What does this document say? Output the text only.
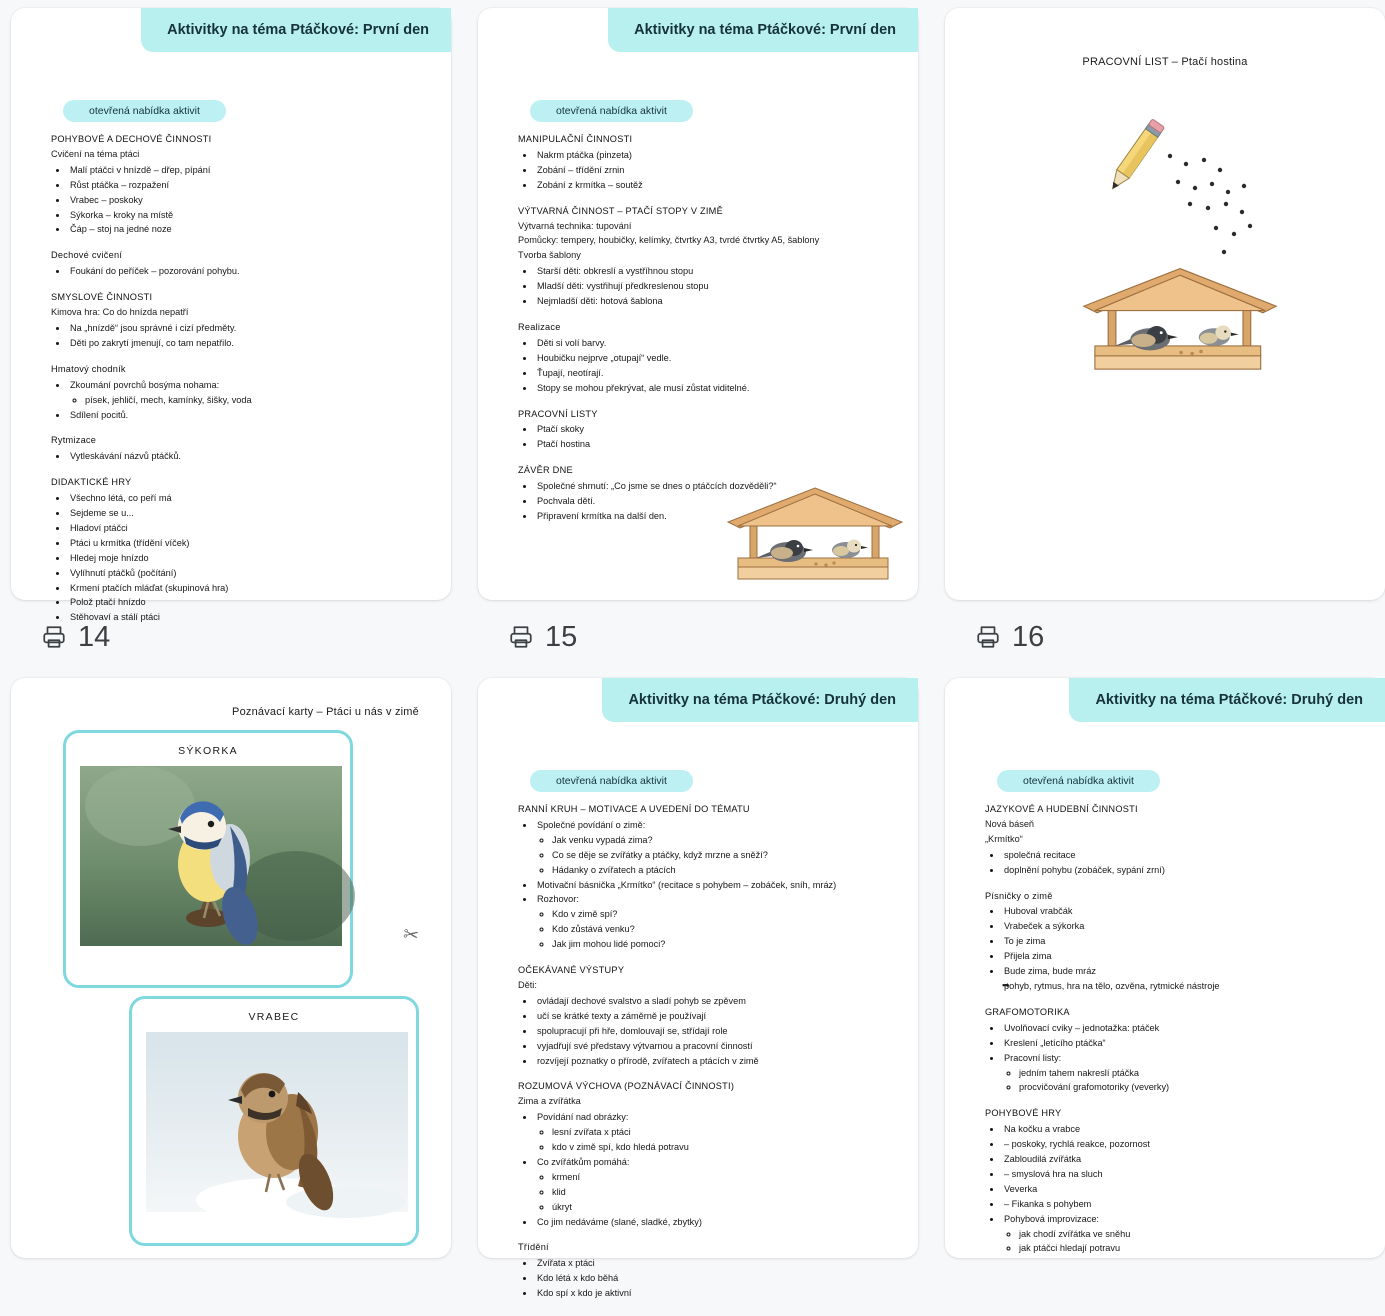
Aktivitky na téma Ptáčkové: První den
otevřená nabídka aktivit
POHYBOVÉ A DECHOVÉ ČINNOSTI
Cvičení na téma ptáci
• Malí ptáčci v hnízdě – dřep, pípání
• Růst ptáčka – rozpažení
• Vrabec – poskoky
• Sýkorka – kroky na místě
• Čáp – stoj na jedné noze
Dechové cvičení
• Foukání do peříček – pozorování pohybu.
SMYSLOVÉ ČINNOSTI
Kimova hra: Co do hnízda nepatří
• Na „hnízdě“ jsou správné i cizí předměty.
• Děti po zakrytí jmenují, co tam nepatřilo.
Hmatový chodník
• Zkoumání povrchů bosýma nohama:
◦ písek, jehličí, mech, kamínky, šišky, voda
• Sdílení pocitů.
Rytmizace
• Vytleskávání názvů ptáčků.
DIDAKTICKÉ HRY
• Všechno létá, co peří má
• Sejdeme se u...
• Hladoví ptáčci
• Ptáci u krmítka (třídění víček)
• Hledej moje hnízdo
• Vylíhnutí ptáčků (počítání)
• Krmení ptačích mláďat (skupinová hra)
• Polož ptačí hnízdo
• Stěhovaví a stálí ptáci
14
Aktivitky na téma Ptáčkové: První den
otevřená nabídka aktivit
MANIPULAČNÍ ČINNOSTI
• Nakrm ptáčka (pinzeta)
• Zobání – třídění zrnin
• Zobání z krmítka – soutěž
VÝTVARNÁ ČINNOST – PTAČÍ STOPY V ZIMĚ
Výtvarná technika: tupování
Pomůcky: tempery, houbičky, kelímky, čtvrtky A3, tvrdé čtvrtky A5, šablony
Tvorba šablony
• Starší děti: obkreslí a vystříhnou stopu
• Mladší děti: vystřihují předkreslenou stopu
• Nejmladší děti: hotová šablona
Realizace
• Děti si volí barvy.
• Houbičku nejprve „otupají“ vedle.
• Ťupají, neotírají.
• Stopy se mohou překrývat, ale musí zůstat viditelné.
PRACOVNÍ LISTY
• Ptačí skoky
• Ptačí hostina
ZÁVĚR DNE
• Společné shrnutí: „Co jsme se dnes o ptáčcích dozvěděli?“
• Pochvala dětí.
• Připravení krmítka na další den.
15
PRACOVNÍ LIST – Ptačí hostina
16
Poznávací karty – Ptáci u nás v zimě
SÝKORKA
✂
VRABEC
Aktivitky na téma Ptáčkové: Druhý den
otevřená nabídka aktivit
RANNÍ KRUH – MOTIVACE A UVEDENÍ DO TÉMATU
• Společné povídání o zimě:
◦ Jak venku vypadá zima?
◦ Co se děje se zvířátky a ptáčky, když mrzne a sněží?
◦ Hádanky o zvířatech a ptácích
• Motivační básnička „Krmítko“ (recitace s pohybem – zobáček, sníh, mráz)
• Rozhovor:
◦ Kdo v zimě spí?
◦ Kdo zůstává venku?
◦ Jak jim mohou lidé pomoci?
OČEKÁVANÉ VÝSTUPY
Děti:
• ovládají dechové svalstvo a sladí pohyb se zpěvem
• učí se krátké texty a záměrně je používají
• spolupracují při hře, domlouvají se, střídají role
• vyjadřují své představy výtvarnou a pracovní činností
• rozvíjejí poznatky o přírodě, zvířatech a ptácích v zimě
ROZUMOVÁ VÝCHOVA (POZNÁVACÍ ČINNOSTI)
Zima a zvířátka
• Povídání nad obrázky:
◦ lesní zvířata x ptáci
◦ kdo v zimě spí, kdo hledá potravu
• Co zvířátkům pomáhá:
◦ krmení
◦ klid
◦ úkryt
• Co jim nedáváme (slané, sladké, zbytky)
Třídění
• Zvířata x ptáci
• Kdo létá x kdo běhá
• Kdo spí x kdo je aktivní
Aktivitky na téma Ptáčkové: Druhý den
otevřená nabídka aktivit
JAZYKOVÉ A HUDEBNÍ ČINNOSTI
Nová báseň
„Krmítko“
• společná recitace
• doplnění pohybu (zobáček, sypání zrní)
Písničky o zimě
• Huboval vrabčák
• Vrabeček a sýkorka
• To je zima
• Přijela zima
• Bude zima, bude mráz
➡ pohyb, rytmus, hra na tělo, ozvěna, rytmické nástroje
GRAFOMOTORIKA
• Uvolňovací cviky – jednotažka: ptáček
• Kreslení „letícího ptáčka“
• Pracovní listy:
◦ jedním tahem nakreslí ptáčka
◦ procvičování grafomotoriky (veverky)
POHYBOVÉ HRY
• Na kočku a vrabce
• – poskoky, rychlá reakce, pozornost
• Zabloudilá zvířátka
• – smyslová hra na sluch
• Veverka
• – Fikanka s pohybem
• Pohybová improvizace:
◦ jak chodí zvířátka ve sněhu
◦ jak ptáčci hledají potravu
